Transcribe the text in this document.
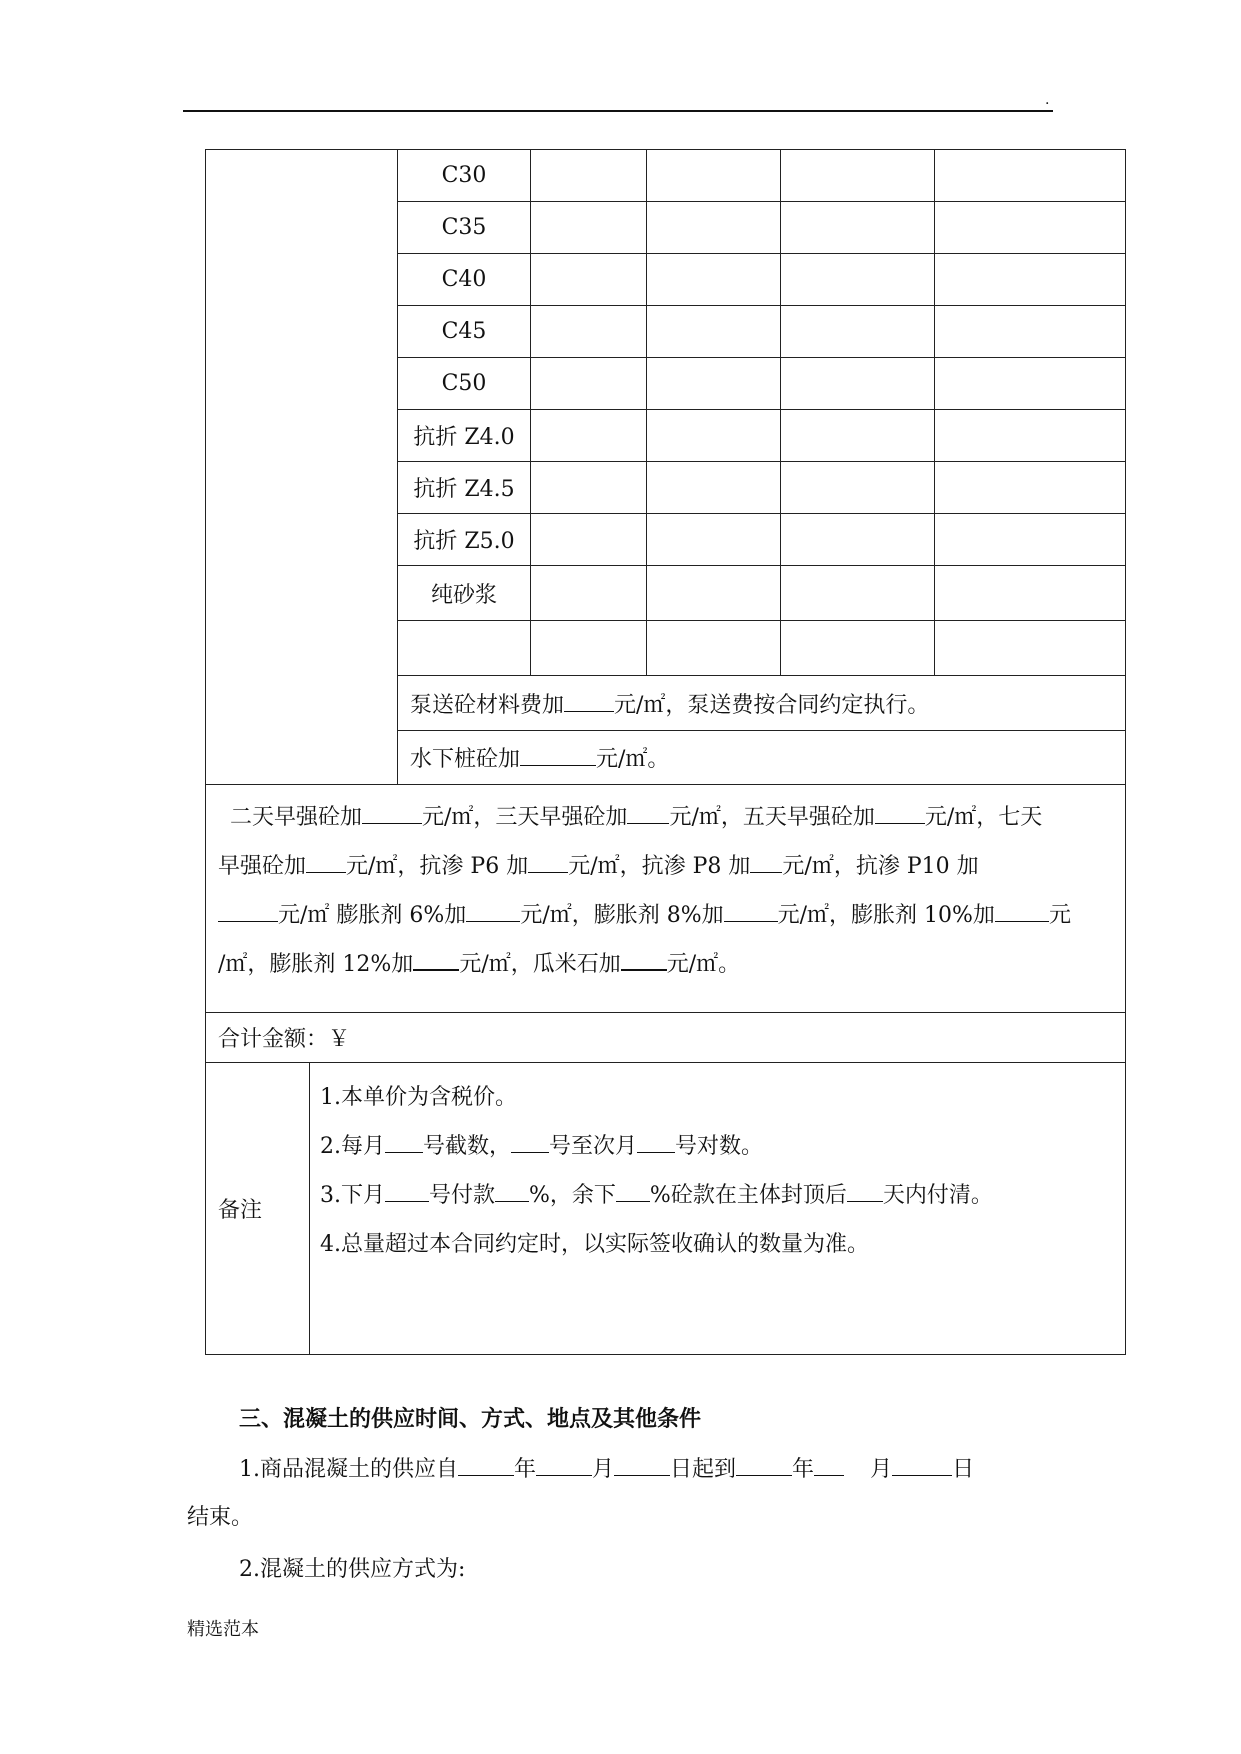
.
		C30				
		C35				
		C40				
		C45				
		C50				
		抗折 Z4.0				
		抗折 Z4.5				
		抗折 Z5.0				
		纯砂浆				

		泵送砼材料费加 元/㎡，泵送费按合同约定执行。				
		水下桩砼加 元/㎡。				

二天早强砼加 元/㎡，三天早强砼加 元/㎡，五天早强砼加 元/㎡，七天
早强砼加 元/㎡，抗渗 P6 加 元/㎡，抗渗 P8 加 元/㎡，抗渗 P10 加
元/㎡ 膨胀剂 6%加 元/㎡，膨胀剂 8%加 元/㎡，膨胀剂 10%加 元
/㎡，膨胀剂 12%加 元/㎡，瓜米石加 元/㎡。						

合计金额：￥						
备注	1.本单价为含税价。
2.每月 号截数， 号至次月 号对数。
3.下月 号付款 %，余下 %砼款在主体封顶后 天内付清。
4.总量超过本合同约定时，以实际签收确认的数量为准。					
三、混凝土的供应时间、方式、地点及其他条件
1.商品混凝土的供应自	年	月	日起到	年	月	日
结束。
2.混凝土的供应方式为:
精选范本
